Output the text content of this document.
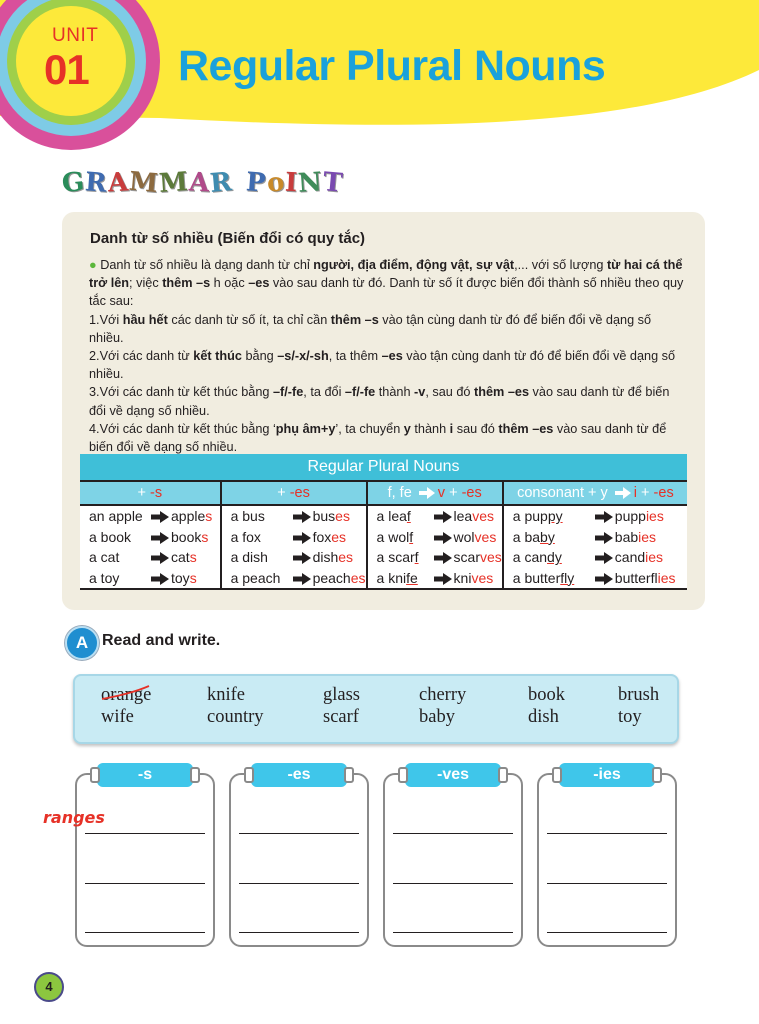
UNIT
01 Regular Plural Nouns
GRAMMAR PoINT
Danh từ số nhiều (Biến đổi có quy tắc)

● Danh từ số nhiều là dạng danh từ chỉ người, địa điểm, động vật, sự vật,... với số lượng từ hai cá thể trở lên; việc thêm –s h oặc –es vào sau danh từ đó. Danh từ số ít được biến đổi thành số nhiều theo quy tắc sau:

1.Với hầu hết các danh từ số ít, ta chỉ cần thêm –s vào tận cùng danh từ đó để biến đổi về dạng số nhiều.

2.Với các danh từ kết thúc bằng –s/-x/-sh, ta thêm –es vào tận cùng danh từ đó để biến đổi về dạng số nhiều.

3.Với các danh từ kết thúc bằng –f/-fe, ta đổi –f/-fe thành -v, sau đó thêm –es vào sau danh từ để biến đổi về dạng số nhiều.

4.Với các danh từ kết thúc bằng ‘phụ âm+y’, ta chuyển y thành i sau đó thêm –es vào sau danh từ để biến đổi về dạng số nhiều.

Regular Plural Nouns			
+ -s	+ -es	f, fe v + -es	consonant + y i + -es
an apple apples	a bus buses	a leaf leaves	a puppy puppies
a book books	a fox foxes	a wolf wolves	a baby babies
a cat cats	a dish dishes	a scarf scarves	a candy candies
a toy toys	a peach peaches	a knife knives	a butterfly butterflies
A Read and write.
orange	knife	glass	cherry	book	brush
wife	country	scarf	baby	dish	toy
-s	-es	-ves	-ies
ranges
4
